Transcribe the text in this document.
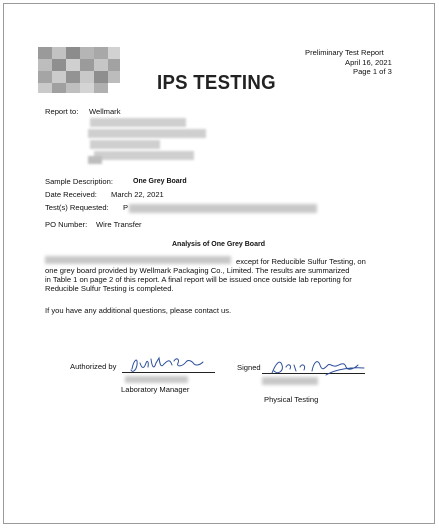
IPS TESTING
Preliminary Test Report
April 16, 2021
Page 1 of 3
Report to: Wellmark
Sample Description:	One Grey Board
Date Received: March 22, 2021
Test(s) Requested: P
PO Number: Wire Transfer
Analysis of One Grey Board
except for Reducible Sulfur Testing, on
one grey board provided by Wellmark Packaging Co., Limited. The results are summarized
in Table 1 on page 2 of this report. A final report will be issued once outside lab reporting for
Reducible Sulfur Testing is completed.
If you have any additional questions, please contact us.
Authorized by
Laboratory Manager
Signed
Physical Testing
